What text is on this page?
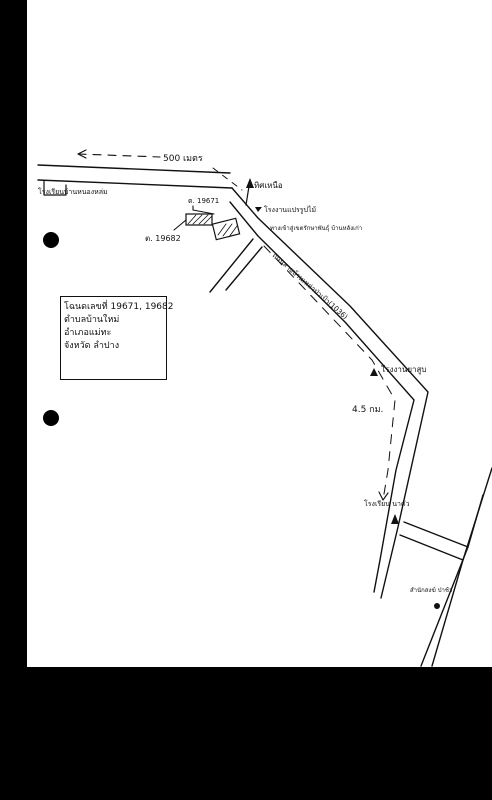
500 เมตร
โรงเรียนบ้านหนองหล่ม
ทิศเหนือ
โรงงานแปรรูปไม้
ทางเข้าสู่เขตรักษาพันธุ์ บ้านหลังเก่า
ต. 19671
ต. 19682
ถนนสายบ้านเหล่าป่าเป้า(1036)
โรงงานยาสูบ
4.5 กม.
โรงเรียน นาคัว
สำนักสงฆ์ ป่าช้า
โฉนดเลขที่ 19671, 19682
ตำบลบ้านใหม่
อำเภอแม่ทะ
จังหวัด ลำปาง
